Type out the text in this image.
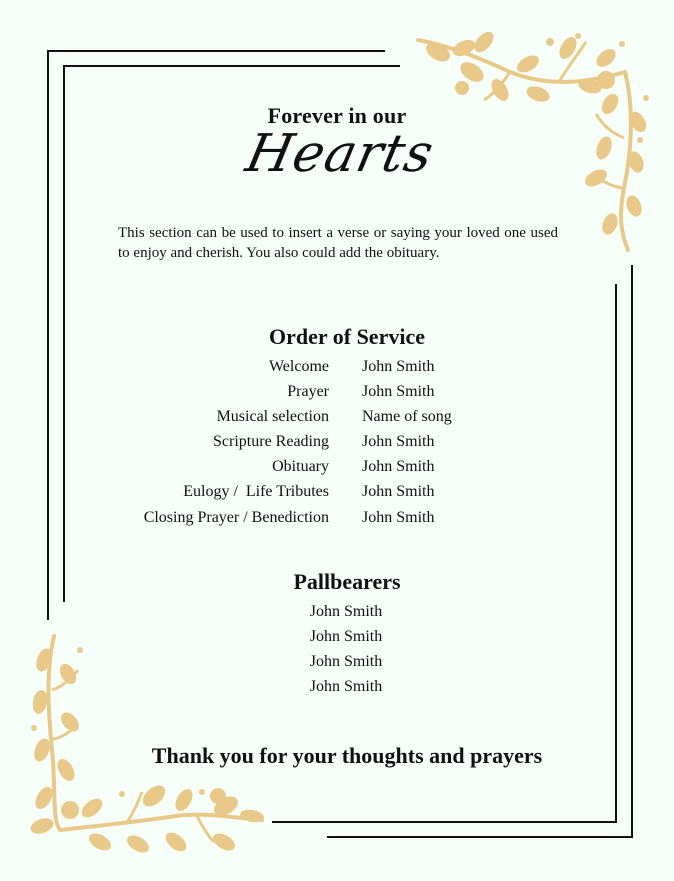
Forever in our
Hearts
This section can be used to insert a verse or saying your loved one used to enjoy and cherish. You also could add the obituary.
Order of Service
Welcome John Smith
Prayer John Smith
Musical selection Name of song
Scripture Reading John Smith
Obituary John Smith
Eulogy /  Life Tributes John Smith
Closing Prayer / Benediction John Smith
Pallbearers
John Smith
John Smith
John Smith
John Smith
Thank you for your thoughts and prayers
